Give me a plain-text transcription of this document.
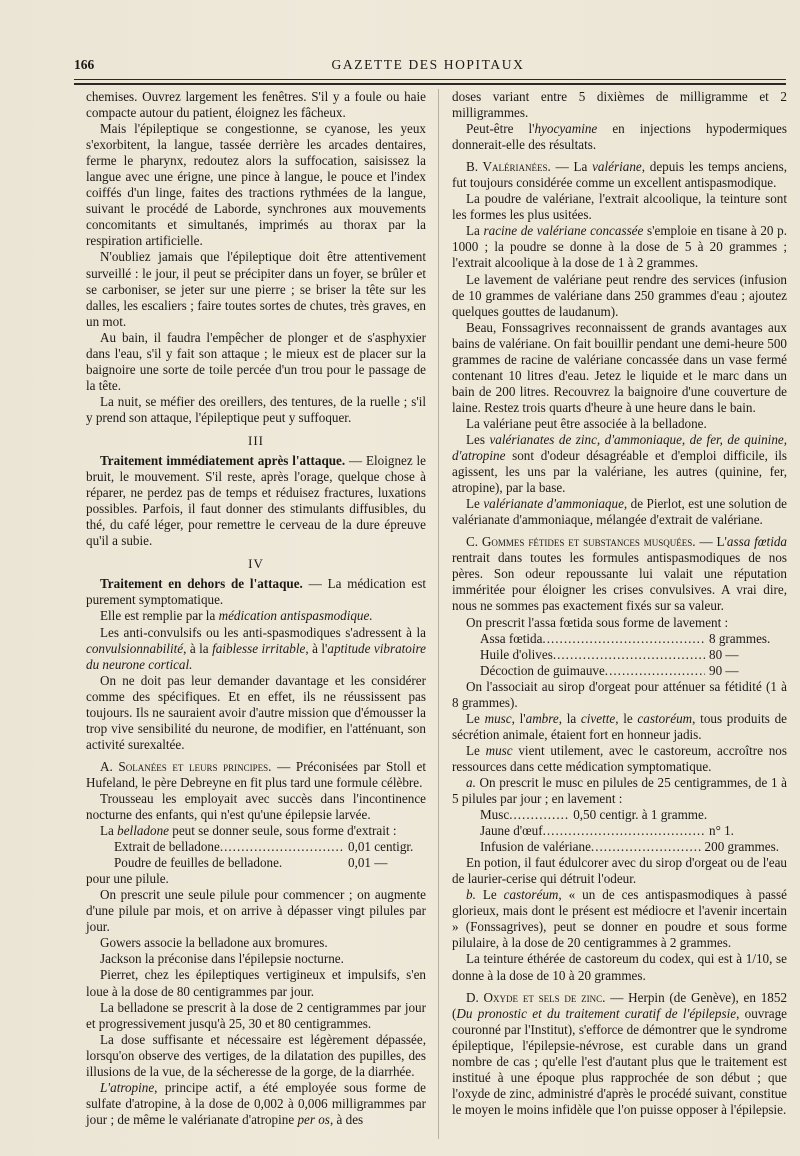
166	GAZETTE DES HOPITAUX

chemises. Ouvrez largement les fenêtres. S'il y a foule ou haie compacte autour du patient, éloignez les fâcheux.

Mais l'épileptique se congestionne, se cyanose, les yeux s'exorbitent, la langue, tassée derrière les arcades dentaires, ferme le pharynx, redoutez alors la suffocation, saisissez la langue avec une érigne, une pince à langue, le pouce et l'index coiffés d'un linge, faites des tractions rythmées de la langue, suivant le procédé de Laborde, synchrones aux mouvements concomitants et simultanés, imprimés au thorax par la respiration artificielle.

N'oubliez jamais que l'épileptique doit être attentivement surveillé : le jour, il peut se précipiter dans un foyer, se brûler et se carboniser, se jeter sur une pierre ; se briser la tête sur les dalles, les escaliers ; faire toutes sortes de chutes, très graves, en un mot.

Au bain, il faudra l'empêcher de plonger et de s'asphyxier dans l'eau, s'il y fait son attaque ; le mieux est de placer sur la baignoire une sorte de toile percée d'un trou pour le passage de la tête.

La nuit, se méfier des oreillers, des tentures, de la ruelle ; s'il y prend son attaque, l'épileptique peut y suffoquer.

III

Traitement immédiatement après l'attaque. — Eloignez le bruit, le mouvement. S'il reste, après l'orage, quelque chose à réparer, ne perdez pas de temps et réduisez fractures, luxations possibles. Parfois, il faut donner des stimulants diffusibles, du thé, du café léger, pour remettre le cerveau de la dure épreuve qu'il a subie.

IV

Traitement en dehors de l'attaque. — La médication est purement symptomatique.

Elle est remplie par la médication antispasmodique.

Les anti-convulsifs ou les anti-spasmodiques s'adressent à la convulsionnabilité, à la faiblesse irritable, à l'aptitude vibratoire du neurone cortical.

On ne doit pas leur demander davantage et les considérer comme des spécifiques. Et en effet, ils ne réussissent pas toujours. Ils ne sauraient avoir d'autre mission que d'émousser la trop vive sensibilité du neurone, de modifier, en l'atténuant, son activité surexaltée.

A. Solanées et leurs principes. — Préconisées par Stoll et Hufeland, le père Debreyne en fit plus tard une formule célèbre.

Trousseau les employait avec succès dans l'incontinence nocturne des enfants, qui n'est qu'une épilepsie larvée.

La belladone peut se donner seule, sous forme d'extrait :

Extrait de belladone .....	0,01 centigr.
Poudre de feuilles de belladone.	0,01 —

pour une pilule.

On prescrit une seule pilule pour commencer ; on augmente d'une pilule par mois, et on arrive à dépasser vingt pilules par jour.

Gowers associe la belladone aux bromures.

Jackson la préconise dans l'épilepsie nocturne.

Pierret, chez les épileptiques vertigineux et impulsifs, s'en loue à la dose de 80 centigrammes par jour.

La belladone se prescrit à la dose de 2 centigrammes par jour et progressivement jusqu'à 25, 30 et 80 centigrammes.

La dose suffisante et nécessaire est légèrement dépassée, lorsqu'on observe des vertiges, de la dilatation des pupilles, des illusions de la vue, de la sécheresse de la gorge, de la diarrhée.

L'atropine, principe actif, a été employée sous forme de sulfate d'atropine, à la dose de 0,002 à 0,006 milligrammes par jour ; de même le valérianate d'atropine per os, à des

doses variant entre 5 dixièmes de milligramme et 2 milligrammes.

Peut-être l'hyocyamine en injections hypodermiques donnerait-elle des résultats.

B. Valérianées. — La valériane, depuis les temps anciens, fut toujours considérée comme un excellent antispasmodique.

La poudre de valériane, l'extrait alcoolique, la teinture sont les formes les plus usitées.

La racine de valériane concassée s'emploie en tisane à 20 p. 1000 ; la poudre se donne à la dose de 5 à 20 grammes ; l'extrait alcoolique à la dose de 1 à 2 grammes.

Le lavement de valériane peut rendre des services (infusion de 10 grammes de valériane dans 250 grammes d'eau ; ajoutez quelques gouttes de laudanum).

Beau, Fonssagrives reconnaissent de grands avantages aux bains de valériane. On fait bouillir pendant une demi-heure 500 grammes de racine de valériane concassée dans un vase fermé contenant 10 litres d'eau. Jetez le liquide et le marc dans un bain de 200 litres. Recouvrez la baignoire d'une couverture de laine. Restez trois quarts d'heure à une heure dans le bain.

La valériane peut être associée à la belladone.

Les valérianates de zinc, d'ammoniaque, de fer, de quinine, d'atropine sont d'odeur désagréable et d'emploi difficile, ils agissent, les uns par la valériane, les autres (quinine, fer, atropine), par la base.

Le valérianate d'ammoniaque, de Pierlot, est une solution de valérianate d'ammoniaque, mélangée d'extrait de valériane.

C. Gommes fétides et substances musquées. — L'assa fœtida rentrait dans toutes les formules antispasmodiques de nos pères. Son odeur repoussante lui valait une réputation imméritée pour éloigner les crises convulsives. A vrai dire, nous ne sommes pas exactement fixés sur sa valeur.

On prescrit l'assa fœtida sous forme de lavement :

Assa fœtida .....	8 grammes.
Huile d'olives .....	80 —
Décoction de guimauve .....	90 —

On l'associait au sirop d'orgeat pour atténuer sa fétidité (1 à 8 grammes).

Le musc, l'ambre, la civette, le castoréum, tous produits de sécrétion animale, étaient fort en honneur jadis.

Le musc vient utilement, avec le castoreum, accroître nos ressources dans cette médication symptomatique.

a. On prescrit le musc en pilules de 25 centigrammes, de 1 à 5 pilules par jour ; en lavement :

Musc .....	0,50 centigr. à 1 gramme.
Jaune d'œuf .....	n° 1.
Infusion de valériane .....	200 grammes.

En potion, il faut édulcorer avec du sirop d'orgeat ou de l'eau de laurier-cerise qui détruit l'odeur.

b. Le castoréum, « un de ces antispasmodiques à passé glorieux, mais dont le présent est médiocre et l'avenir incertain » (Fonssagrives), peut se donner en poudre et sous forme pilulaire, à la dose de 20 centigrammes à 2 grammes.

La teinture éthérée de castoreum du codex, qui est à 1/10, se donne à la dose de 10 à 20 grammes.

D. Oxyde et sels de zinc. — Herpin (de Genève), en 1852 (Du pronostic et du traitement curatif de l'épilepsie, ouvrage couronné par l'Institut), s'efforce de démontrer que le syndrome épileptique, l'épilepsie-névrose, est curable dans un grand nombre de cas ; qu'elle l'est d'autant plus que le traitement est institué à une époque plus rapprochée de son début ; que l'oxyde de zinc, administré d'après le procédé suivant, constitue le moyen le moins infidèle que l'on puisse opposer à l'épilepsie.
